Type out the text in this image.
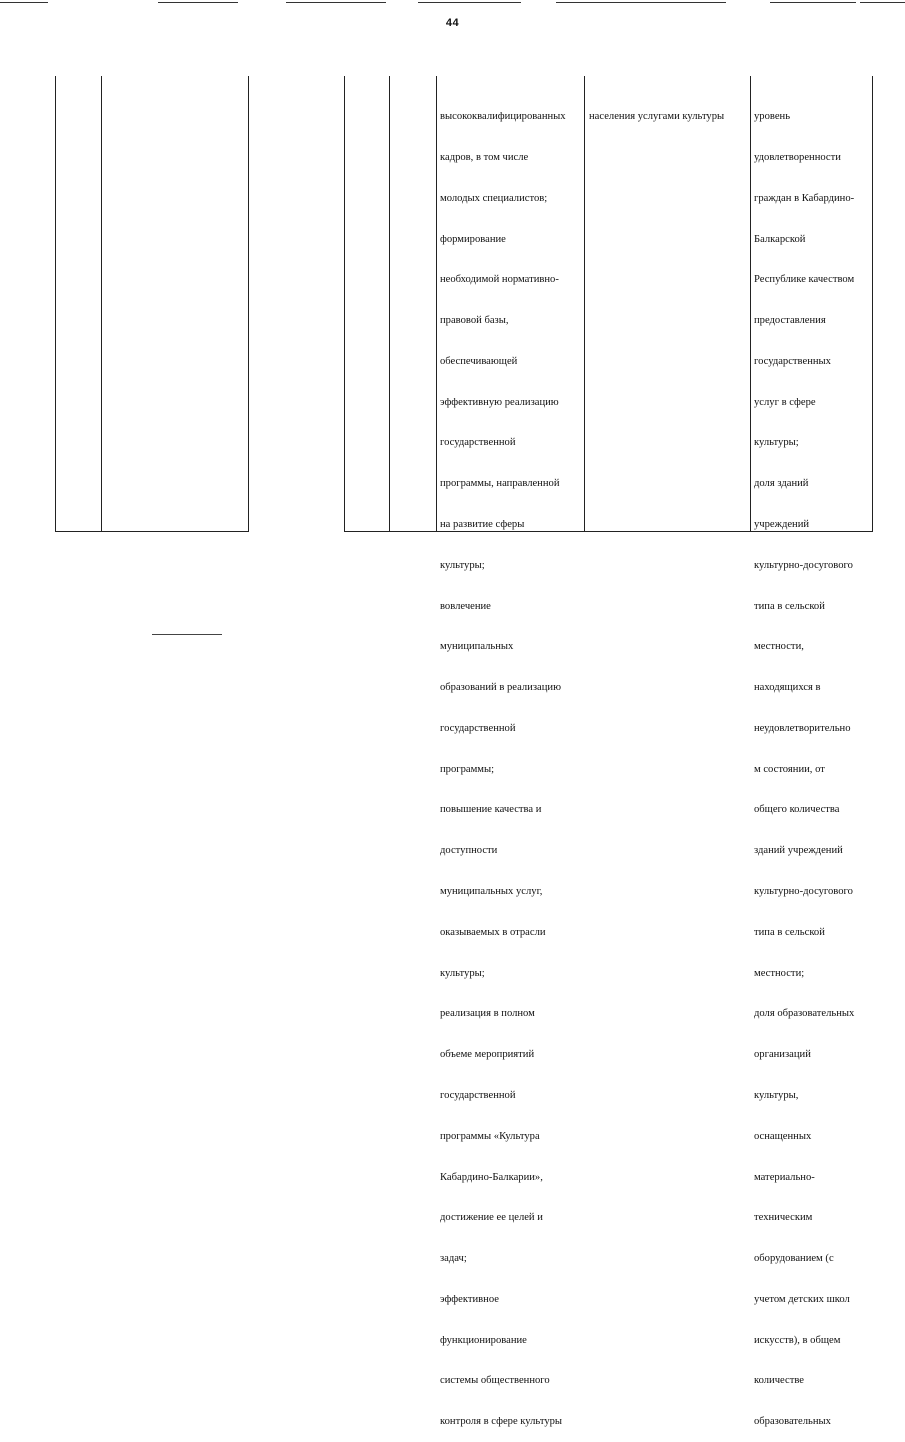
44

высококвалифицированных

кадров, в том числе

молодых специалистов;

формирование

необходимой нормативно-

правовой базы,

обеспечивающей

эффективную реализацию

государственной

программы, направленной

на развитие сферы

культуры;

вовлечение

муниципальных

образований в реализацию

государственной

программы;

повышение качества и

доступности

муниципальных услуг,

оказываемых в отрасли

культуры;

реализация в полном

объеме мероприятий

государственной

программы «Культура

Кабардино-Балкарии»,

достижение ее целей и

задач;

эффективное

функционирование

системы общественного

контроля в сфере культуры

населения услугами культуры

	уровень

удовлетворенности

граждан в Кабардино-

Балкарской

Республике качеством

предоставления

государственных

услуг в сфере

культуры;

доля зданий

учреждений

культурно-досугового

типа в сельской

местности,

находящихся в

неудовлетворительно

м состоянии, от

общего количества

зданий учреждений

культурно-досугового

типа в сельской

местности;

доля образовательных

организаций

культуры,

оснащенных

материально-

техническим

оборудованием (с

учетом детских школ

искусств), в общем

количестве

образовательных
